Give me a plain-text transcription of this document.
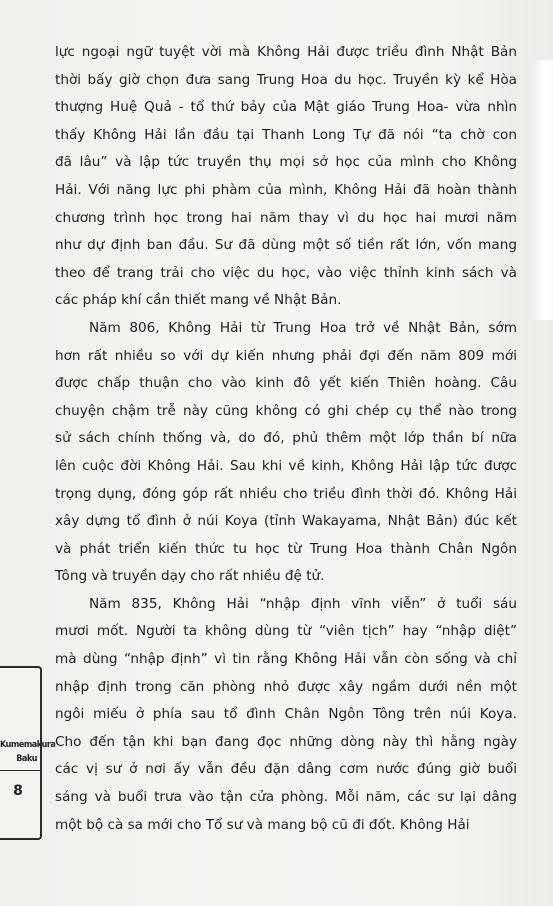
lực ngoại ngữ tuyệt vời mà Không Hải được triều đình Nhật Bản
thời bấy giờ chọn đưa sang Trung Hoa du học. Truyền kỳ kể Hòa
thượng Huệ Quả - tổ thứ bảy của Mật giáo Trung Hoa- vừa nhìn
thấy Không Hải lần đầu tại Thanh Long Tự đã nói “ta chờ con
đã lâu” và lập tức truyền thụ mọi sở học của mình cho Không
Hải. Với năng lực phi phàm của mình, Không Hải đã hoàn thành
chương trình học trong hai năm thay vì du học hai mươi năm
như dự định ban đầu. Sư đã dùng một số tiền rất lớn, vốn mang
theo để trang trải cho việc du học, vào việc thỉnh kinh sách và
các pháp khí cần thiết mang về Nhật Bản.

Năm 806, Không Hải từ Trung Hoa trở về Nhật Bản, sớm
hơn rất nhiều so với dự kiến nhưng phải đợi đến năm 809 mới
được chấp thuận cho vào kinh đô yết kiến Thiên hoàng. Câu
chuyện chậm trễ này cũng không có ghi chép cụ thể nào trong
sử sách chính thống và, do đó, phủ thêm một lớp thần bí nữa
lên cuộc đời Không Hải. Sau khi về kinh, Không Hải lập tức được
trọng dụng, đóng góp rất nhiều cho triều đình thời đó. Không Hải
xây dựng tổ đình ở núi Koya (tỉnh Wakayama, Nhật Bản) đúc kết
và phát triển kiến thức tu học từ Trung Hoa thành Chân Ngôn
Tông và truyền dạy cho rất nhiều đệ tử.

Năm 835, Không Hải “nhập định vĩnh viễn” ở tuổi sáu
mươi mốt. Người ta không dùng từ “viên tịch” hay “nhập diệt”
mà dùng “nhập định” vì tin rằng Không Hải vẫn còn sống và chỉ
nhập định trong căn phòng nhỏ được xây ngầm dưới nền một
ngôi miếu ở phía sau tổ đình Chân Ngôn Tông trên núi Koya.
Cho đến tận khi bạn đang đọc những dòng này thì hằng ngày
các vị sư ở nơi ấy vẫn đều đặn dâng cơm nước đúng giờ buổi
sáng và buổi trưa vào tận cửa phòng. Mỗi năm, các sư lại dâng
một bộ cà sa mới cho Tổ sư và mang bộ cũ đi đốt. Không Hải

Kumemakura
Baku
8
